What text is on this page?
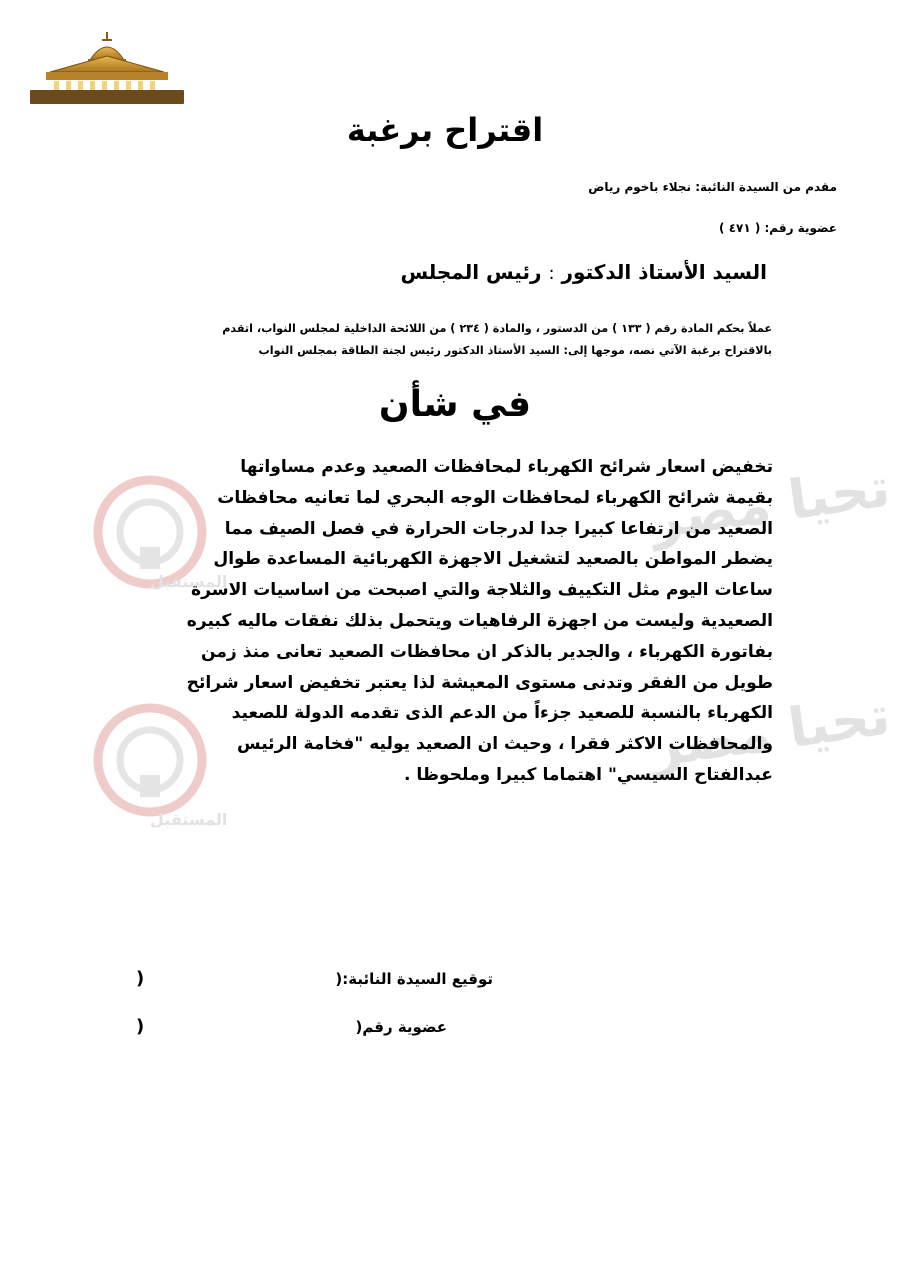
تحيا مصر
المستقبل
تحيا مصر
المستقبل
مجلس النواب المصري	اقتراح برغبة
مقدم من السيدة النائبة: نجلاء باخوم رياض
عضوية رقم: ( ٤٧١ )
السيد الأستاذ الدكتور : رئيس المجلس
عملاً بحكم المادة رقم ( ١٣٣ ) من الدستور ، والمادة ( ٢٣٤ ) من اللائحة الداخلية لمجلس النواب، اتقدم
بالاقتراح برغبة الآتي نصه، موجها إلى: السيد الأستاذ الدكتور رئيس لجنة الطاقة بمجلس النواب
في شأن
تخفيض اسعار شرائح الكهرباء لمحافظات الصعيد وعدم مساواتها
بقيمة شرائح الكهرباء لمحافظات الوجه البحري لما تعانيه محافظات
الصعيد من ارتفاعا كبيرا جدا لدرجات الحرارة في فصل الصيف مما
يضطر المواطن بالصعيد لتشغيل الاجهزة الكهربائية المساعدة طوال
ساعات اليوم مثل التكييف والثلاجة والتي اصبحت من اساسيات الاسرة
الصعيدية وليست من اجهزة الرفاهيات ويتحمل بذلك نفقات ماليه كبيره
بفاتورة الكهرباء ، والجدير بالذكر ان محافظات الصعيد تعانى منذ زمن
طويل من الفقر وتدنى مستوى المعيشة لذا يعتبر تخفيض اسعار شرائح
الكهرباء بالنسبة للصعيد جزءاً من الدعم الذى تقدمه الدولة للصعيد
والمحافظات الاكثر فقرا ، وحيث ان الصعيد يوليه "فخامة الرئيس
عبدالفتاح السيسي" اهتماما كبيرا وملحوظا .
توقيع السيدة النائبة:(
)
عضوية رقم(
)
